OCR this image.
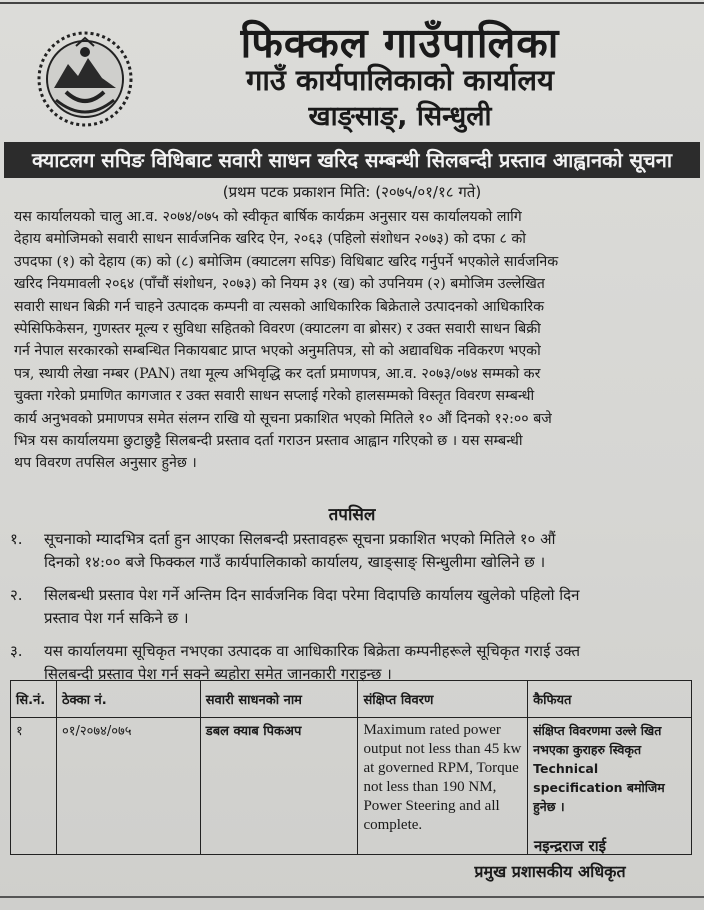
फिक्कल गाउँपालिका
गाउँ कार्यपालिकाको कार्यालय
खाङ्साङ्, सिन्धुली
क्याटलग सपिङ विधिबाट सवारी साधन खरिद सम्बन्धी सिलबन्दी प्रस्ताव आह्वानको सूचना
(प्रथम पटक प्रकाशन मिति: (२०७५/०१/१८ गते)
यस कार्यालयको चालु आ.व. २०७४/०७५ को स्वीकृत बार्षिक कार्यक्रम अनुसार यस कार्यालयको लागि
देहाय बमोजिमको सवारी साधन सार्वजनिक खरिद ऐन, २०६३ (पहिलो संशोधन २०७३) को दफा ८ को
उपदफा (१) को देहाय (क) को (८) बमोजिम (क्याटलग सपिङ) विधिबाट खरिद गर्नुपर्ने भएकोले सार्वजनिक
खरिद नियमावली २०६४ (पाँचौं संशोधन, २०७३) को नियम ३१ (ख) को उपनियम (२) बमोजिम उल्लेखित
सवारी साधन बिक्री गर्न चाहने उत्पादक कम्पनी वा त्यसको आधिकारिक बिक्रेताले उत्पादनको आधिकारिक
स्पेसिफिकेसन, गुणस्तर मूल्य र सुविधा सहितको विवरण (क्याटलग वा ब्रोसर) र उक्त सवारी साधन बिक्री
गर्न नेपाल सरकारको सम्बन्धित निकायबाट प्राप्त भएको अनुमतिपत्र, सो को अद्यावधिक नविकरण भएको
पत्र, स्थायी लेखा नम्बर (PAN) तथा मूल्य अभिवृद्धि कर दर्ता प्रमाणपत्र, आ.व. २०७३/०७४ सम्मको कर
चुक्ता गरेको प्रमाणित कागजात र उक्त सवारी साधन सप्लाई गरेको हालसम्मको विस्तृत विवरण सम्बन्धी
कार्य अनुभवको प्रमाणपत्र समेत संलग्न राखि यो सूचना प्रकाशित भएको मितिले १० औं दिनको १२:०० बजे
भित्र यस कार्यालयमा छुटाछुट्टै सिलबन्दी प्रस्ताव दर्ता गराउन प्रस्ताव आह्वान गरिएको छ । यस सम्बन्धी
थप विवरण तपसिल अनुसार हुनेछ ।
तपसिल
१. सूचनाको म्यादभित्र दर्ता हुन आएका सिलबन्दी प्रस्तावहरू सूचना प्रकाशित भएको मितिले १० औं
दिनको १४:०० बजे फिक्कल गाउँ कार्यपालिकाको कार्यालय, खाङ्साङ् सिन्धुलीमा खोलिने छ ।
२. सिलबन्धी प्रस्ताव पेश गर्ने अन्तिम दिन सार्वजनिक विदा परेमा विदापछि कार्यालय खुलेको पहिलो दिन
प्रस्ताव पेश गर्न सकिने छ ।
३. यस कार्यालयमा सूचिकृत नभएका उत्पादक वा आधिकारिक बिक्रेता कम्पनीहरूले सूचिकृत गराई उक्त
सिलबन्दी प्रस्ताव पेश गर्न सक्ने ब्यहोरा समेत जानकारी गराइन्छ ।
सि.नं.	ठेक्का नं.	सवारी साधनको नाम	संक्षिप्त विवरण	कैफियत
१	०१/२०७४/०७५	डबल क्याब पिकअप	Maximum rated power output not less than 45 kw at governed RPM, Torque not less than 190 NM, Power Steering and all complete.	संक्षिप्त विवरणमा उल्ले खित नभएका कुराहरु स्विकृत Technical specification बमोजिम हुनेछ ।
नइन्द्रराज राई
प्रमुख प्रशासकीय अधिकृत
